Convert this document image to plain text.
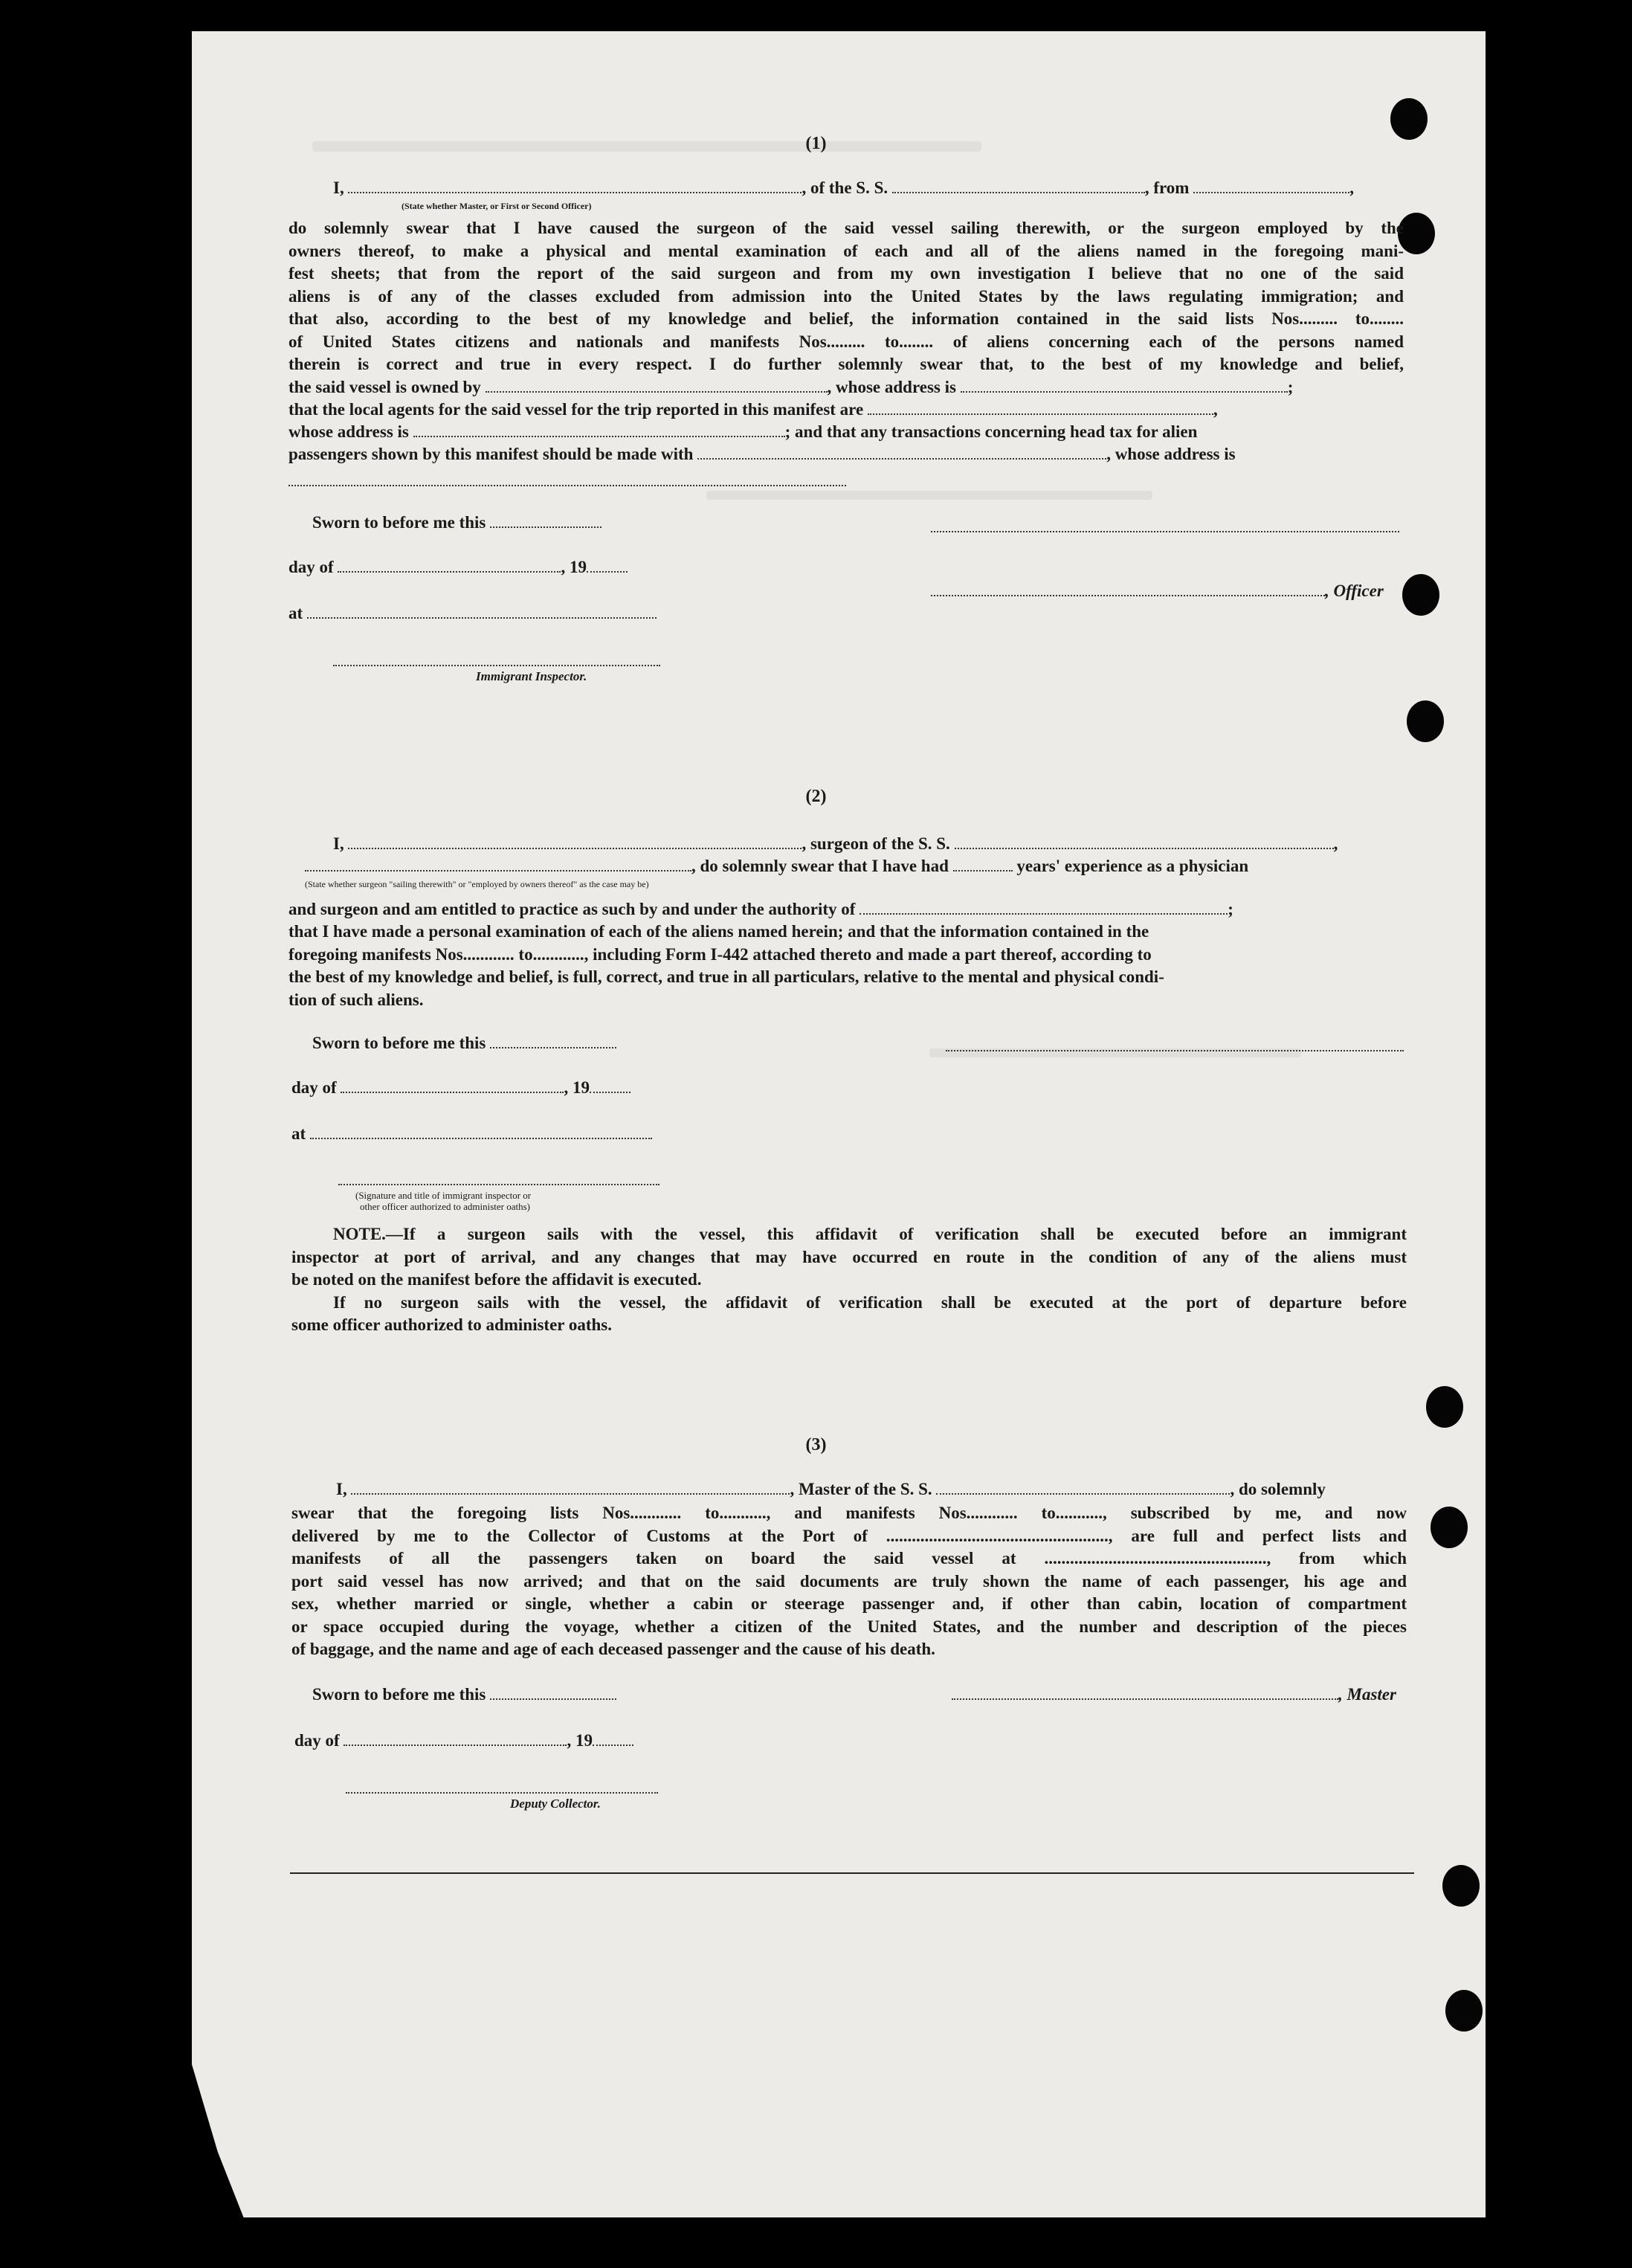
(1)
I,	, of the S. S.	, from	,
(State whether Master, or First or Second Officer)
do solemnly swear that I have caused the surgeon of the said vessel sailing therewith, or the surgeon employed by the
owners thereof, to make a physical and mental examination of each and all of the aliens named in the foregoing mani-
fest sheets; that from the report of the said surgeon and from my own investigation I believe that no one of the said
aliens is of any of the classes excluded from admission into the United States by the laws regulating immigration; and
that also, according to the best of my knowledge and belief, the information contained in the said lists Nos......... to........
of United States citizens and nationals and manifests Nos......... to........ of aliens concerning each of the persons named
therein is correct and true in every respect. I do further solemnly swear that, to the best of my knowledge and belief,
the said vessel is owned by	, whose address is	;
that the local agents for the said vessel for the trip reported in this manifest are	,
whose address is	; and that any transactions concerning head tax for alien
passengers shown by this manifest should be made with	, whose address is
Sworn to before me this
day of	, 19
, Officer
at
Immigrant Inspector.
(2)
I,	, surgeon of the S. S.	,
, do solemnly swear that I have had	years' experience as a physician
(State whether surgeon "sailing therewith" or "employed by owners thereof" as the case may be)
and surgeon and am entitled to practice as such by and under the authority of	;
that I have made a personal examination of each of the aliens named herein; and that the information contained in the
foregoing manifests Nos............ to............, including Form I-442 attached thereto and made a part thereof, according to
the best of my knowledge and belief, is full, correct, and true in all particulars, relative to the mental and physical condi-
tion of such aliens.
Sworn to before me this
day of	, 19
at
(Signature and title of immigrant inspector or
other officer authorized to administer oaths)
NOTE.—If a surgeon sails with the vessel, this affidavit of verification shall be executed before an immigrant
inspector at port of arrival, and any changes that may have occurred en route in the condition of any of the aliens must
be noted on the manifest before the affidavit is executed.
If no surgeon sails with the vessel, the affidavit of verification shall be executed at the port of departure before
some officer authorized to administer oaths.
(3)
I,	, Master of the S. S.	, do solemnly
swear that the foregoing lists Nos............ to..........., and manifests Nos............ to..........., subscribed by me, and now
delivered by me to the Collector of Customs at the Port of ...................................................., are full and perfect lists and
manifests of all the passengers taken on board the said vessel at ...................................................., from which
port said vessel has now arrived; and that on the said documents are truly shown the name of each passenger, his age and
sex, whether married or single, whether a cabin or steerage passenger and, if other than cabin, location of compartment
or space occupied during the voyage, whether a citizen of the United States, and the number and description of the pieces
of baggage, and the name and age of each deceased passenger and the cause of his death.
Sworn to before me this	, Master
day of	, 19
Deputy Collector.
